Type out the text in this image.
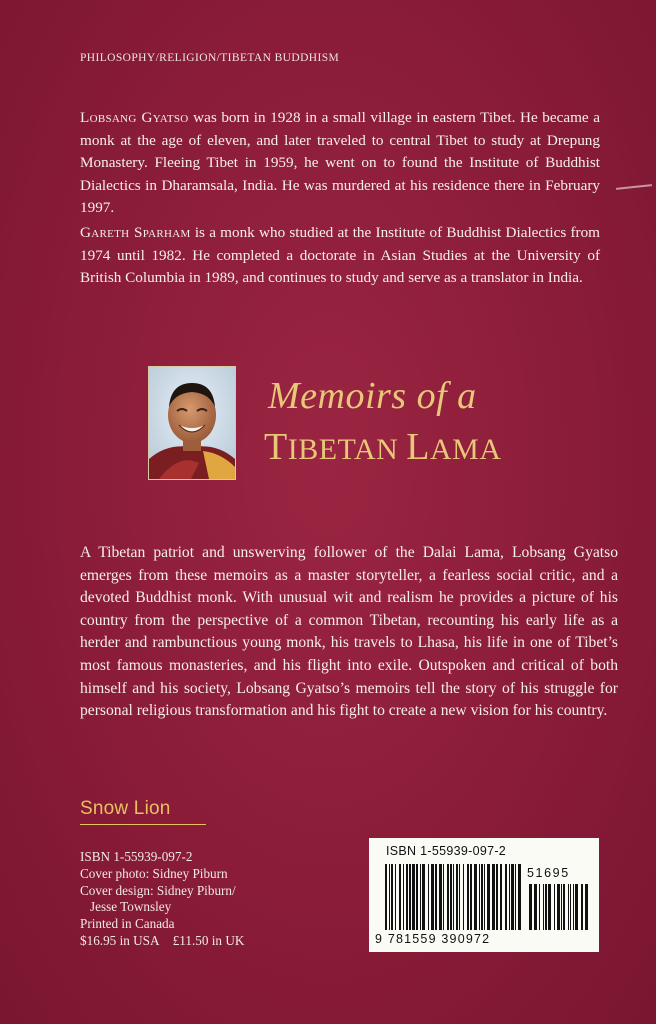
PHILOSOPHY/RELIGION/TIBETAN BUDDHISM

Lobsang Gyatso was born in 1928 in a small village in eastern Tibet. He became a monk at the age of eleven, and later traveled to central Tibet to study at Drepung Monastery. Fleeing Tibet in 1959, he went on to found the Institute of Buddhist Dialectics in Dharamsala, India. He was murdered at his residence there in February 1997.

Gareth Sparham is a monk who studied at the Institute of Buddhist Dialectics from 1974 until 1982. He completed a doctorate in Asian Studies at the University of British Columbia in 1989, and continues to study and serve as a translator in India.

Memoirs of a
TIBETAN LAMA

A Tibetan patriot and unswerving follower of the Dalai Lama, Lobsang Gyatso emerges from these memoirs as a master storyteller, a fearless social critic, and a devoted Buddhist monk. With unusual wit and realism he provides a picture of his country from the perspective of a common Tibetan, recounting his early life as a herder and rambunctious young monk, his travels to Lhasa, his life in one of Tibet’s most famous monasteries, and his flight into exile. Outspoken and critical of both himself and his society, Lobsang Gyatso’s memoirs tell the story of his struggle for personal religious transformation and his fight to create a new vision for his country.

Snow Lion
ISBN 1-55939-097-2
Cover photo: Sidney Piburn
Cover design: Sidney Piburn/
Jesse Townsley
Printed in Canada
$16.95 in USA £11.50 in UK
ISBN 1-55939-097-2
51695
9 781559 390972
